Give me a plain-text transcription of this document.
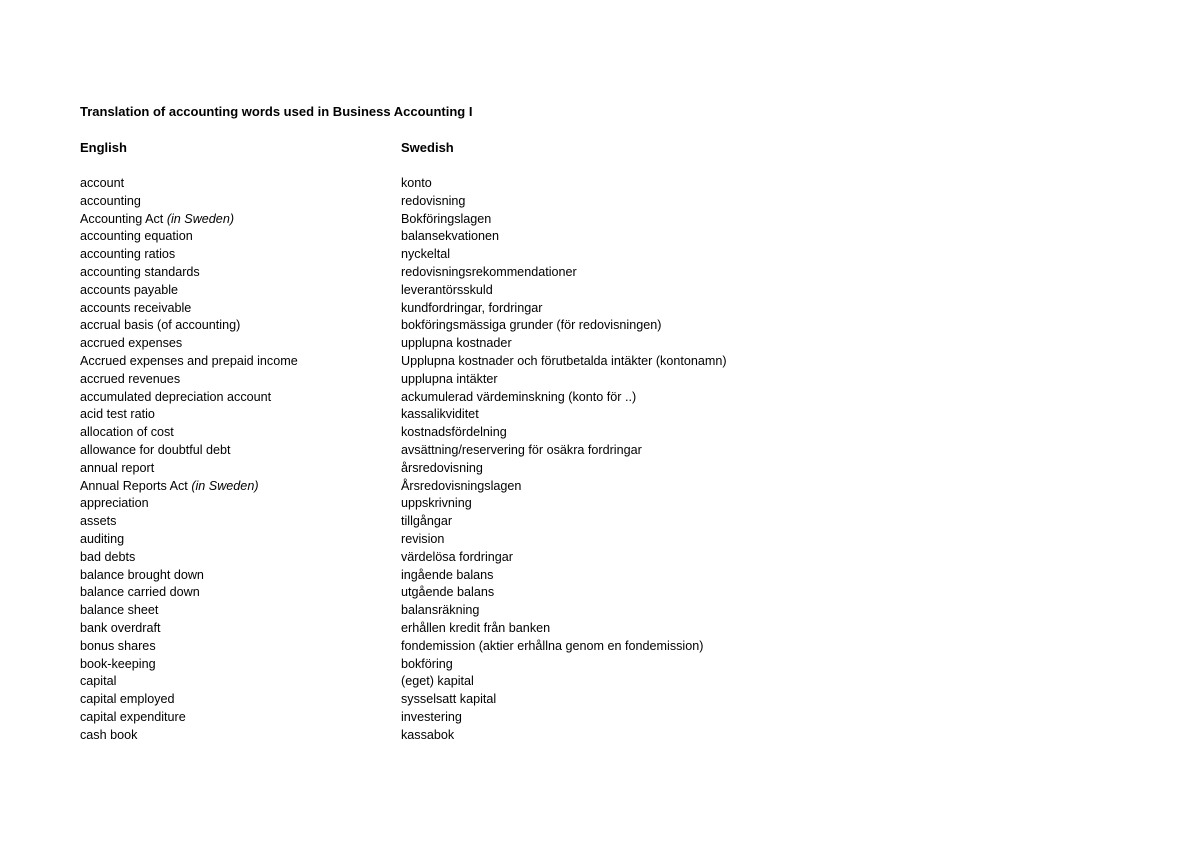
Translation of accounting words used in Business Accounting I
English	Swedish
account	konto
accounting	redovisning
Accounting Act (in Sweden)	Bokföringslagen
accounting equation	balansekvationen
accounting ratios	nyckeltal
accounting standards	redovisningsrekommendationer
accounts payable	leverantörsskuld
accounts receivable	kundfordringar, fordringar
accrual basis (of accounting)	bokföringsmässiga grunder (för redovisningen)
accrued expenses	upplupna kostnader
Accrued expenses and prepaid income	Upplupna kostnader och förutbetalda intäkter (kontonamn)
accrued revenues	upplupna intäkter
accumulated depreciation account	ackumulerad värdeminskning (konto för ..)
acid test ratio	kassalikviditet
allocation of cost	kostnadsfördelning
allowance for doubtful debt	avsättning/reservering för osäkra fordringar
annual report	årsredovisning
Annual Reports Act (in Sweden)	Årsredovisningslagen
appreciation	uppskrivning
assets	tillgångar
auditing	revision
bad debts	värdelösa fordringar
balance brought down	ingående balans
balance carried down	utgående balans
balance sheet	balansräkning
bank overdraft	erhållen kredit från banken
bonus shares	fondemission (aktier erhållna genom en fondemission)
book-keeping	bokföring
capital	(eget) kapital
capital employed	sysselsatt kapital
capital expenditure	investering
cash book	kassabok
